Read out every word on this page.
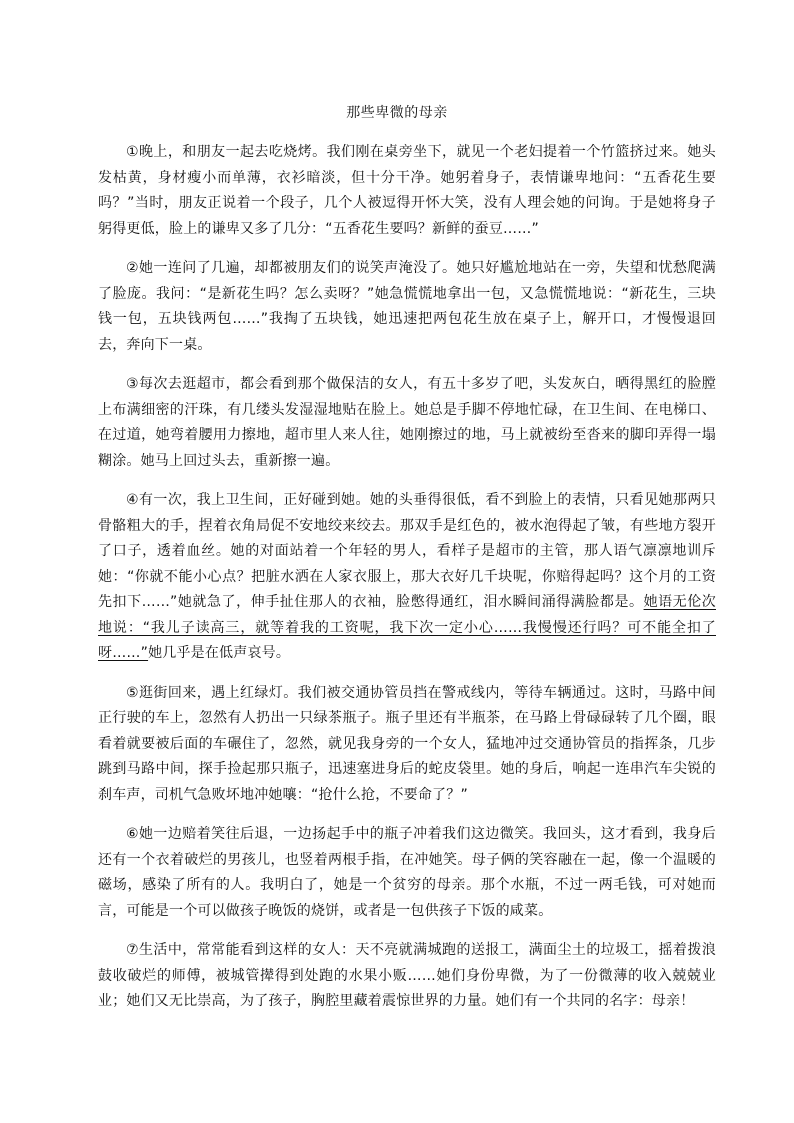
那些卑微的母亲

①晚上，和朋友一起去吃烧烤。我们刚在桌旁坐下，就见一个老妇提着一个竹篮挤过来。她头发枯黄，身材瘦小而单薄，衣衫暗淡，但十分干净。她躬着身子，表情谦卑地问：“五香花生要吗？”当时，朋友正说着一个段子，几个人被逗得开怀大笑，没有人理会她的问询。于是她将身子躬得更低，脸上的谦卑又多了几分：“五香花生要吗？新鲜的蚕豆……”

②她一连问了几遍，却都被朋友们的说笑声淹没了。她只好尴尬地站在一旁，失望和忧愁爬满了脸庞。我问：“是新花生吗？怎么卖呀？”她急慌慌地拿出一包，又急慌慌地说：“新花生，三块钱一包，五块钱两包……”我掏了五块钱，她迅速把两包花生放在桌子上，解开口，才慢慢退回去，奔向下一桌。

③每次去逛超市，都会看到那个做保洁的女人，有五十多岁了吧，头发灰白，晒得黑红的脸膛上布满细密的汗珠，有几缕头发湿湿地贴在脸上。她总是手脚不停地忙碌，在卫生间、在电梯口、在过道，她弯着腰用力擦地，超市里人来人往，她刚擦过的地，马上就被纷至沓来的脚印弄得一塌糊涂。她马上回过头去，重新擦一遍。

④有一次，我上卫生间，正好碰到她。她的头垂得很低，看不到脸上的表情，只看见她那两只骨骼粗大的手，捏着衣角局促不安地绞来绞去。那双手是红色的，被水泡得起了皱，有些地方裂开了口子，透着血丝。她的对面站着一个年轻的男人，看样子是超市的主管，那人语气凛凛地训斥她：“你就不能小心点？把脏水洒在人家衣服上，那大衣好几千块呢，你赔得起吗？这个月的工资先扣下……”她就急了，伸手扯住那人的衣袖，脸憋得通红，泪水瞬间涌得满脸都是。她语无伦次地说：“我儿子读高三，就等着我的工资呢，我下次一定小心……我慢慢还行吗？可不能全扣了呀……”她几乎是在低声哀号。

⑤逛街回来，遇上红绿灯。我们被交通协管员挡在警戒线内，等待车辆通过。这时，马路中间正行驶的车上，忽然有人扔出一只绿茶瓶子。瓶子里还有半瓶茶，在马路上骨碌碌转了几个圈，眼看着就要被后面的车碾住了，忽然，就见我身旁的一个女人，猛地冲过交通协管员的指挥条，几步跳到马路中间，探手捡起那只瓶子，迅速塞进身后的蛇皮袋里。她的身后，响起一连串汽车尖锐的刹车声，司机气急败坏地冲她嚷：“抢什么抢，不要命了？”

⑥她一边赔着笑往后退，一边扬起手中的瓶子冲着我们这边微笑。我回头，这才看到，我身后还有一个衣着破烂的男孩儿，也竖着两根手指，在冲她笑。母子俩的笑容融在一起，像一个温暖的磁场，感染了所有的人。我明白了，她是一个贫穷的母亲。那个水瓶，不过一两毛钱，可对她而言，可能是一个可以做孩子晚饭的烧饼，或者是一包供孩子下饭的咸菜。

⑦生活中，常常能看到这样的女人：天不亮就满城跑的送报工，满面尘土的垃圾工，摇着拨浪鼓收破烂的师傅，被城管撵得到处跑的水果小贩……她们身份卑微，为了一份微薄的收入兢兢业业；她们又无比崇高，为了孩子，胸腔里藏着震惊世界的力量。她们有一个共同的名字：母亲！
